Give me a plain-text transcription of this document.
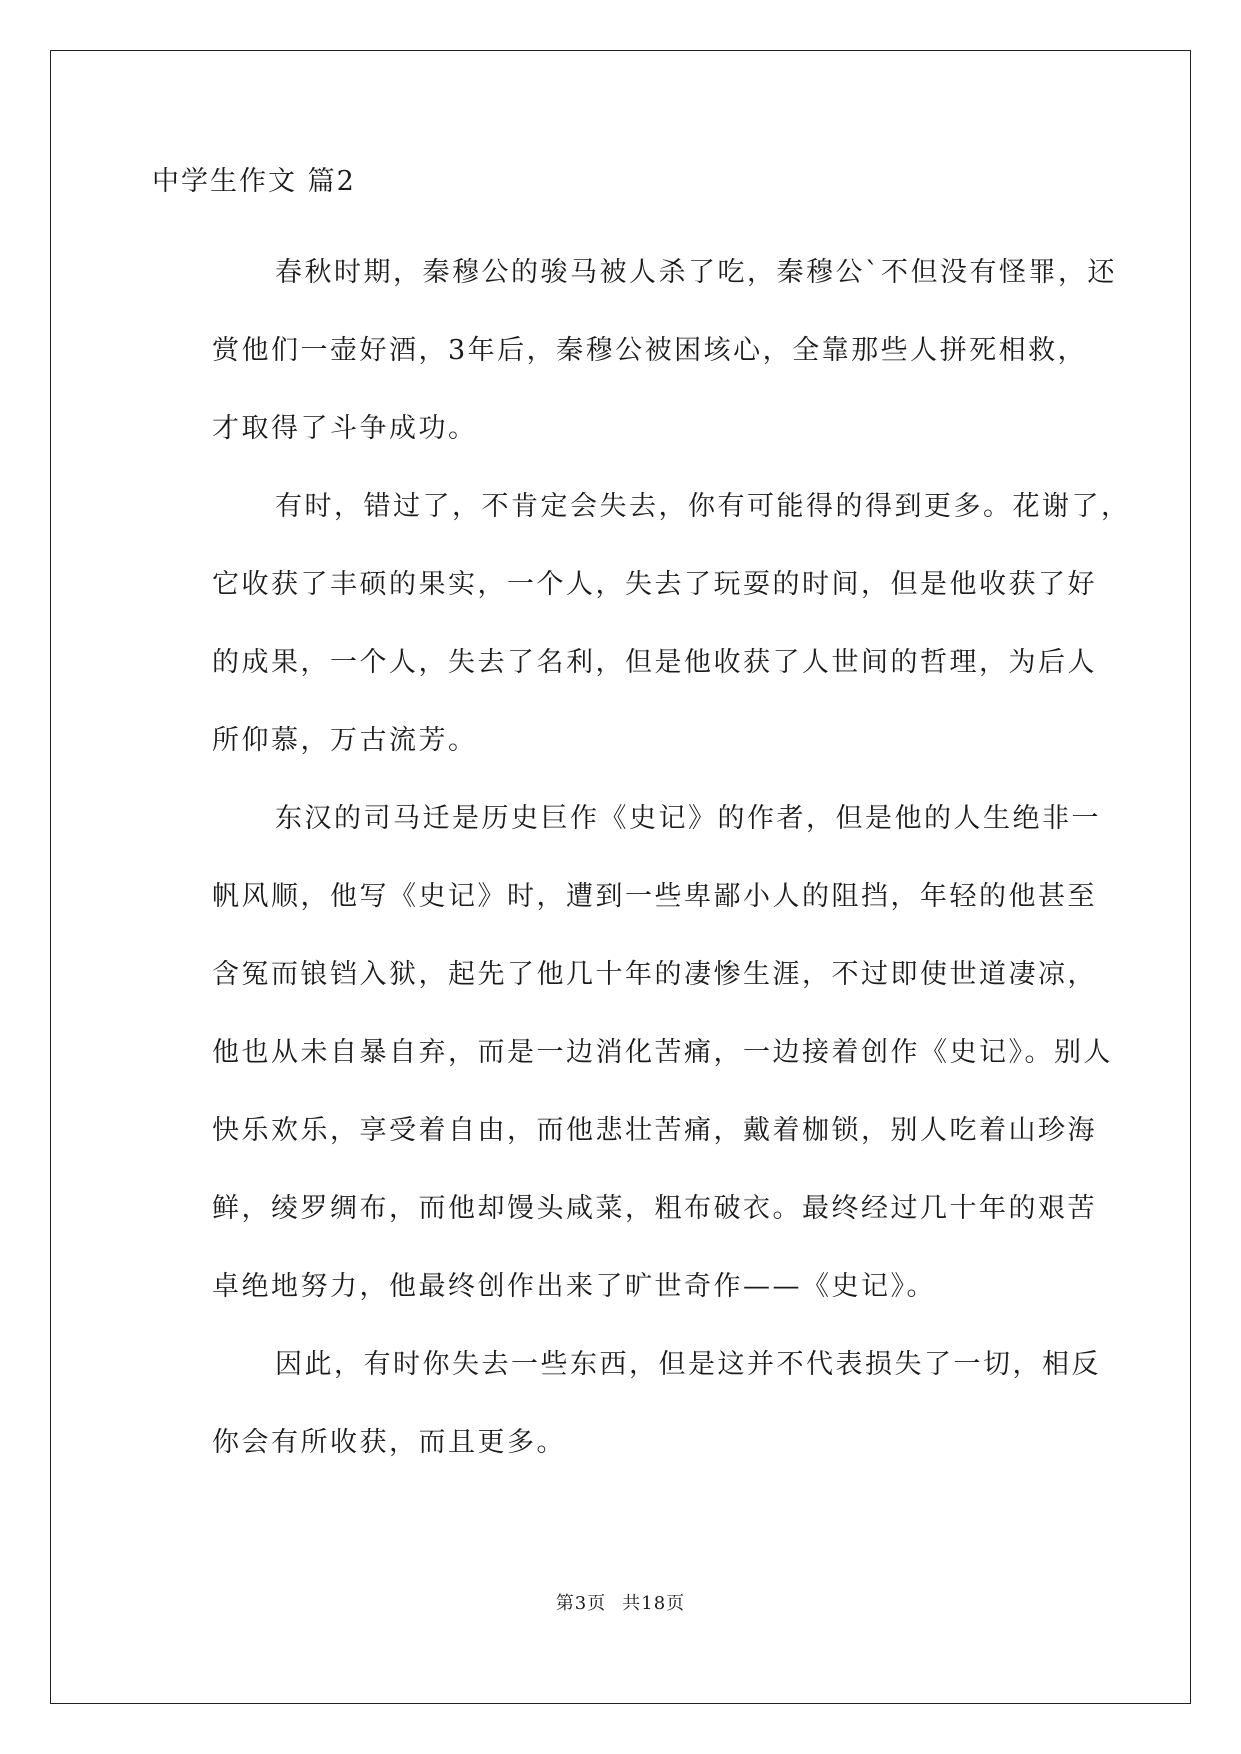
中学生作文 篇2
春秋时期，秦穆公的骏马被人杀了吃，秦穆公`不但没有怪罪，还
赏他们一壶好酒，3年后，秦穆公被困垓心，全靠那些人拼死相救，
才取得了斗争成功。
有时，错过了，不肯定会失去，你有可能得的得到更多。花谢了，
它收获了丰硕的果实，一个人，失去了玩耍的时间，但是他收获了好
的成果，一个人，失去了名利，但是他收获了人世间的哲理，为后人
所仰慕，万古流芳。
东汉的司马迁是历史巨作《史记》的作者，但是他的人生绝非一
帆风顺，他写《史记》时，遭到一些卑鄙小人的阻挡，年轻的他甚至
含冤而锒铛入狱，起先了他几十年的凄惨生涯，不过即使世道凄凉，
他也从未自暴自弃，而是一边消化苦痛，一边接着创作《史记》。别人
快乐欢乐，享受着自由，而他悲壮苦痛，戴着枷锁，别人吃着山珍海
鲜，绫罗绸布，而他却馒头咸菜，粗布破衣。最终经过几十年的艰苦
卓绝地努力，他最终创作出来了旷世奇作——《史记》。
因此，有时你失去一些东西，但是这并不代表损失了一切，相反
你会有所收获，而且更多。
第3页 共18页
